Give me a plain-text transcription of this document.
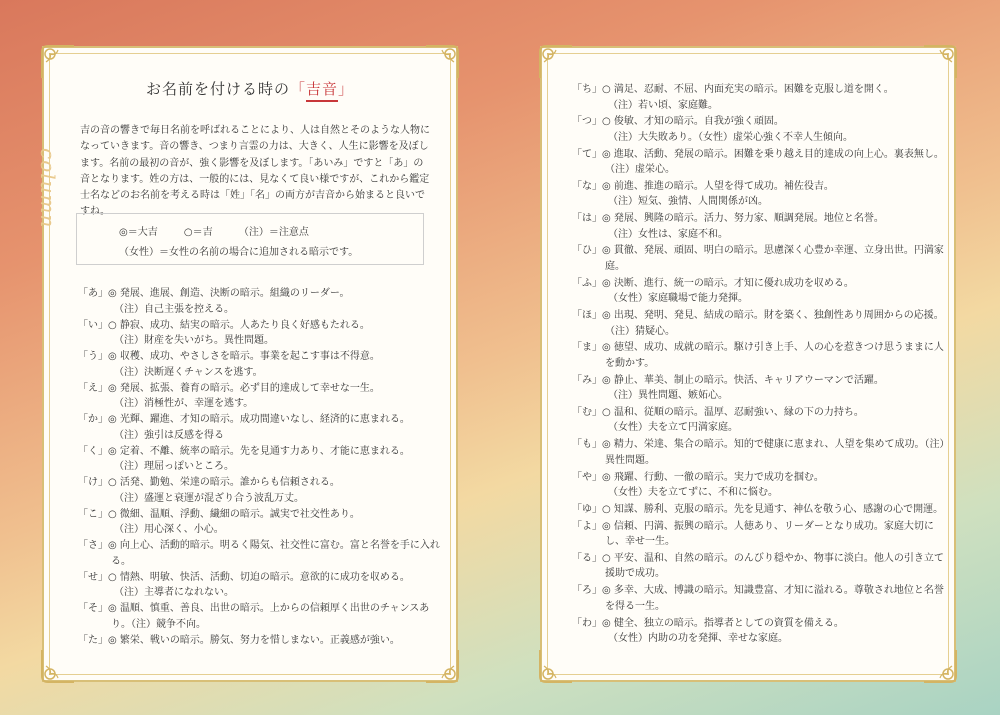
column
お名前を付ける時の「吉音」
吉の音の響きで毎日名前を呼ばれることにより、人は自然とそのような人物になっていきます。音の響き、つまり言霊の力は、大きく、人生に影響を及ぼします。名前の最初の音が、強く影響を及ぼします。「あいみ」ですと「あ」の音となります。姓の方は、一般的には、見なくて良い様ですが、これから鑑定士名などのお名前を考える時は「姓」「名」の両方が吉音から始まると良いですね。
◎＝大吉	○＝吉	（注）＝注意点
（女性）＝女性の名前の場合に追加される暗示です。
「あ」◎ 発展、進展、創造、決断の暗示。組織のリーダー。
（注）自己主張を控える。
「い」○ 静寂、成功、結実の暗示。人あたり良く好感もたれる。
（注）財産を失いがち。異性問題。
「う」◎ 収穫、成功、やさしさを暗示。事業を起こす事は不得意。
（注）決断遅くチャンスを逃す。
「え」◎ 発展、拡張、養育の暗示。必ず目的達成して幸せな一生。
（注）消極性が、幸運を逃す。
「か」◎ 光輝、躍進、才知の暗示。成功間違いなし、経済的に恵まれる。
（注）強引は反感を得る
「く」◎ 定着、不離、統率の暗示。先を見通す力あり、才能に恵まれる。
（注）理屈っぽいところ。
「け」○ 活発、勤勉、栄達の暗示。誰からも信頼される。
（注）盛運と衰運が混ざり合う波乱万丈。
「こ」○ 微細、温順、浮動、繊細の暗示。誠実で社交性あり。
（注）用心深く、小心。
「さ」◎ 向上心、活動的暗示。明るく陽気、社交性に富む。富と名誉を手に入れる。
「せ」○ 情熱、明敏、快活、活動、切迫の暗示。意欲的に成功を収める。
（注）主導者になれない。
「そ」◎ 温順、慎重、善良、出世の暗示。上からの信頼厚く出世のチャンスあり。（注）競争不向。
「た」◎ 繁栄、戦いの暗示。勝気、努力を惜しまない。正義感が強い。
「ち」○ 満足、忍耐、不屈、内面充実の暗示。困難を克服し道を開く。
（注）若い頃、家庭難。
「つ」○ 俊敏、才知の暗示。自我が強く頑固。
（注）大失敗あり。（女性）虚栄心強く不幸人生傾向。
「て」◎ 進取、活動、発展の暗示。困難を乗り越え目的達成の向上心。裏表無し。（注）虚栄心。
「な」◎ 前進、推進の暗示。人望を得て成功。補佐役吉。
（注）短気、強情、人間関係が凶。
「は」◎ 発展、興隆の暗示。活力、努力家、順調発展。地位と名誉。
（注）女性は、家庭不和。
「ひ」◎ 貫徹、発展、頑固、明白の暗示。思慮深く心豊か幸運、立身出世。円満家庭。
「ふ」◎ 決断、進行、統一の暗示。才知に優れ成功を収める。
（女性）家庭職場で能力発揮。
「ほ」◎ 出現、発明、発見、結成の暗示。財を築く、独創性あり周囲からの応援。（注）猜疑心。
「ま」◎ 徳望、成功、成就の暗示。駆け引き上手、人の心を惹きつけ思うままに人を動かす。
「み」◎ 静止、華美、制止の暗示。快活、キャリアウーマンで活躍。
（注）異性問題、嫉妬心。
「む」○ 温和、従順の暗示。温厚、忍耐強い、縁の下の力持ち。
（女性）夫を立て円満家庭。
「も」◎ 精力、栄達、集合の暗示。知的で健康に恵まれ、人望を集めて成功。（注）異性問題。
「や」◎ 飛躍、行動、一徹の暗示。実力で成功を掴む。
（女性）夫を立てずに、不和に悩む。
「ゆ」○ 知謀、勝利、克服の暗示。先を見通す、神仏を敬う心、感謝の心で開運。
「よ」◎ 信頼、円満、振興の暗示。人徳あり、リーダーとなり成功。家庭大切にし、幸せ一生。
「る」○ 平安、温和、自然の暗示。のんびり穏やか、物事に淡白。他人の引き立て援助で成功。
「ろ」◎ 多幸、大成、博識の暗示。知識豊富、才知に溢れる。尊敬され地位と名誉を得る一生。
「わ」◎ 健全、独立の暗示。指導者としての資質を備える。
（女性）内助の功を発揮、幸せな家庭。
